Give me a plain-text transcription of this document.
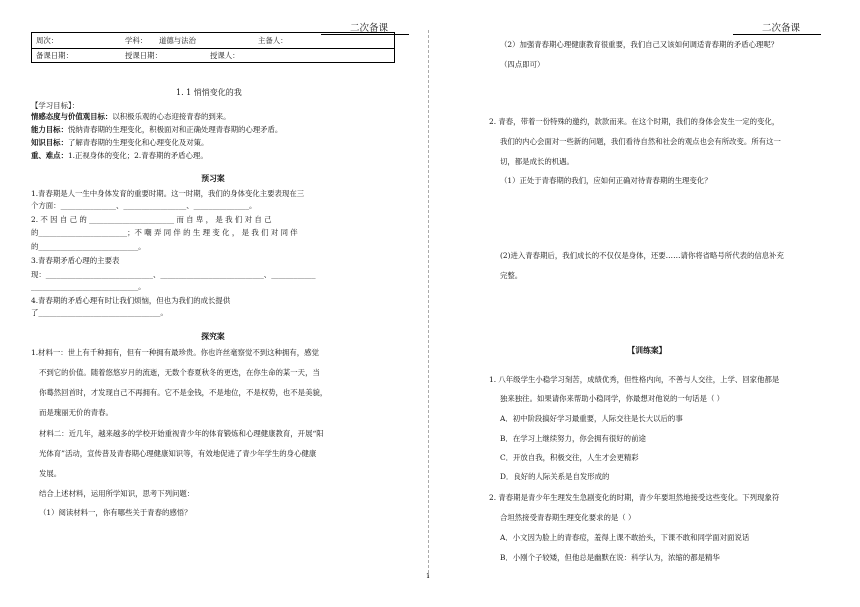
二次备课
周次：	学科： 道德与法治	主备人：
备课日期：	授课日期：	授课人：
1. 1 悄悄变化的我
【学习目标】：
情感态度与价值观目标：以积极乐观的心态迎接青春的到来。
能力目标：悦纳青春期的生理变化，积极面对和正确处理青春期的心理矛盾。
知识目标：了解青春期的生理变化和心理变化及对策。
重、难点：1.正视身体的变化；2.青春期的矛盾心理。
预习案
1.青春期是人一生中身体发育的重要时期。这一时期，我们的身体变化主要表现在三
个方面：_______________、_________________、_______________。
2. 不 因 自 己 的 _______________________ 而 自 卑 ， 是 我 们 对 自 己
的________________________；不 嘲 弄 同 伴 的 生 理 变 化 ， 是 我 们 对 同 伴
的___________________________。
3.青春期矛盾心理的主要表
现：_____________________________、____________________________、____________
_____________________________。
4.青春期的矛盾心理有时让我们烦恼，但也为我们的成长提供
了_________________________________。
探究案
1.材料一：世上有千种拥有，但有一种拥有最珍贵。你也许丝毫察觉不到这种拥有，感觉
不到它的价值。随着悠悠岁月的流逝，无数个春夏秋冬的更迭，在你生命的某一天，当
你蓦然回首时，才发现自己不再拥有。它不是金钱，不是地位，不是权势，也不是美貌，
而是瑰丽无价的青春。
材料二：近几年，越来越多的学校开始重视青少年的体育锻炼和心理健康教育，开展“阳
光体育”活动，宣传普及青春期心理健康知识等，有效地促进了青少年学生的身心健康
发展。
结合上述材料，运用所学知识，思考下列问题：
（1）阅读材料一，你有哪些关于青春的感悟？
二次备课
（2）加强青春期心理健康教育很重要，我们自己又该如何调适青春期的矛盾心理呢？
（四点即可）
2. 青春，带着一份特殊的邀约，款款而来。在这个时期，我们的身体会发生一定的变化，
我们的内心会面对一些新的问题，我们看待自然和社会的观点也会有所改变。所有这一
切，都是成长的机遇。
（1）正处于青春期的我们，应如何正确对待青春期的生理变化？
(2)进入青春期后，我们成长的不仅仅是身体，还要……请你将省略号所代表的信息补充
完整。
【训练案】
1. 八年级学生小稳学习刻苦，成绩优秀，但性格内向，不善与人交往，上学、回家他都是
独来独往。如果请你来帮助小稳同学，你最想对他说的一句话是（ ）
A．初中阶段搞好学习最重要，人际交往是长大以后的事
B．在学习上继续努力，你会拥有很好的前途
C．开放自我，积极交往，人生才会更精彩
D．良好的人际关系是自发形成的
2. 青春期是青少年生理发生急剧变化的时期，青少年要坦然地接受这些变化。下列现象符
合坦然接受青春期生理变化要求的是（ ）
A．小文因为脸上的青春痘，羞得上课不敢抬头，下课不敢和同学面对面说话
B．小刚个子较矮，但他总是幽默在说：科学认为，浓缩的都是精华
1
